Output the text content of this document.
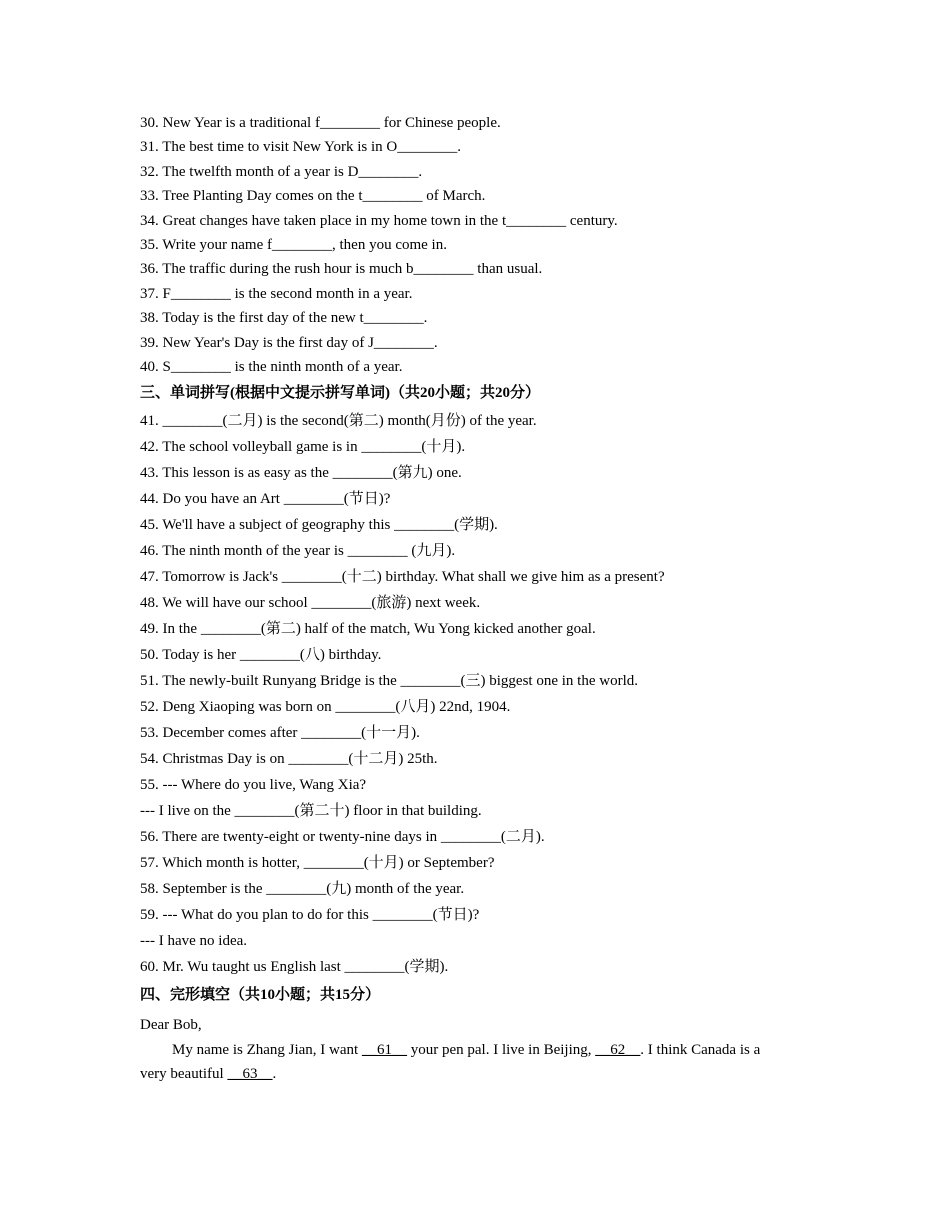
30. New Year is a traditional f________ for Chinese people.
31. The best time to visit New York is in O________.
32. The twelfth month of a year is D________.
33. Tree Planting Day comes on the t________ of March.
34. Great changes have taken place in my home town in the t________ century.
35. Write your name f________, then you come in.
36. The traffic during the rush hour is much b________ than usual.
37. F________ is the second month in a year.
38. Today is the first day of the new t________.
39. New Year's Day is the first day of J________.
40. S________ is the ninth month of a year.
三、单词拼写(根据中文提示拼写单词)（共20小题；共20分）
41. ________(二月) is the second(第二) month(月份) of the year.
42. The school volleyball game is in ________(十月).
43. This lesson is as easy as the ________(第九) one.
44. Do you have an Art ________(节日)?
45. We'll have a subject of geography this ________(学期).
46. The ninth month of the year is ________ (九月).
47. Tomorrow is Jack's ________(十二) birthday. What shall we give him as a present?
48. We will have our school ________(旅游) next week.
49. In the ________(第二) half of the match, Wu Yong kicked another goal.
50. Today is her ________(八) birthday.
51. The newly-built Runyang Bridge is the ________(三) biggest one in the world.
52. Deng Xiaoping was born on ________(八月) 22nd, 1904.
53. December comes after ________(十一月).
54. Christmas Day is on ________(十二月) 25th.
55. --- Where do you live, Wang Xia?
--- I live on the ________(第二十) floor in that building.
56. There are twenty-eight or twenty-nine days in ________(二月).
57. Which month is hotter, ________(十月) or September?
58. September is the ________(九) month of the year.
59. --- What do you plan to do for this ________(节日)?
--- I have no idea.
60. Mr. Wu taught us English last ________(学期).
四、完形填空（共10小题；共15分）
Dear Bob,
My name is Zhang Jian, I want __61__ your pen pal. I live in Beijing, __62__. I think Canada is a
very beautiful __63__.
